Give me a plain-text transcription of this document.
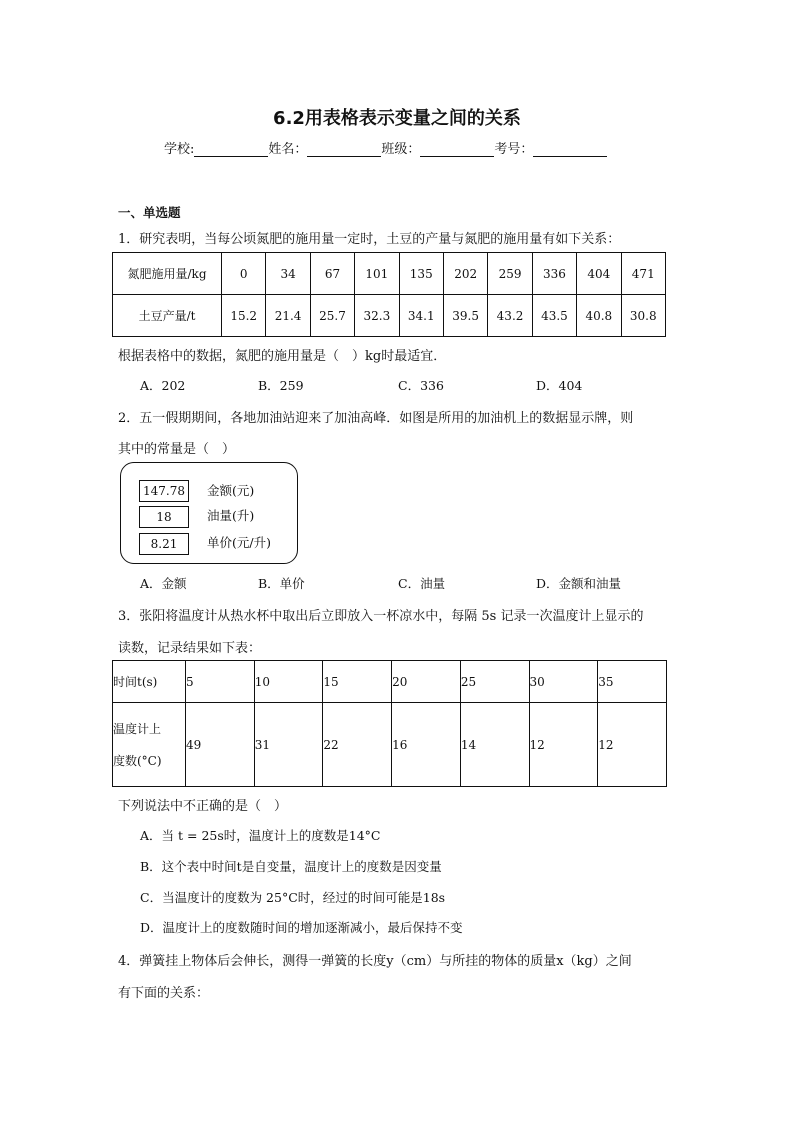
6.2用表格表示变量之间的关系
学校:	姓名：	班级：	考号：
一、单选题
1．研究表明，当每公顷氮肥的施用量一定时，土豆的产量与氮肥的施用量有如下关系：
氮肥施用量/kg	0	34	67	101	135	202	259	336	404	471
土豆产量/t	15.2	21.4	25.7	32.3	34.1	39.5	43.2	43.5	40.8	30.8
根据表格中的数据，氮肥的施用量是（　）kg时最适宜．
A．202	B．259	C．336	D．404
2．五一假期期间，各地加油站迎来了加油高峰．如图是所用的加油机上的数据显示牌，则
其中的常量是（　）
147.78	金额(元)
18	油量(升)
8.21	单价(元/升)
A．金额	B．单价	C．油量	D．金额和油量
3．张阳将温度计从热水杯中取出后立即放入一杯凉水中，每隔 5s 记录一次温度计上显示的
读数，记录结果如下表：
时间t(s)	5	10	15	20	25	30	35

温度计上
度数(°C)	49	31	22	16	14	12	12
下列说法中不正确的是（　）
A．当 t = 25s时，温度计上的度数是14°C
B．这个表中时间t是自变量，温度计上的度数是因变量
C．当温度计的度数为 25°C时，经过的时间可能是18s
D．温度计上的度数随时间的增加逐渐减小，最后保持不变
4．弹簧挂上物体后会伸长，测得一弹簧的长度y（cm）与所挂的物体的质量x（kg）之间
有下面的关系：
